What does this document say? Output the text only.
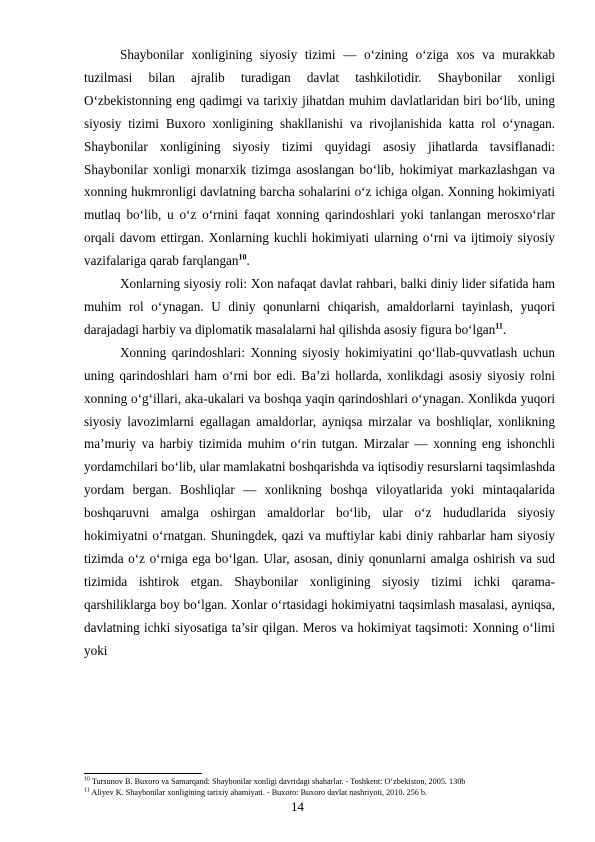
Shaybonilar xonligining siyosiy tizimi — o‘zining o‘ziga xos va murakkab tuzilmasi bilan ajralib turadigan davlat tashkilotidir. Shaybonilar xonligi O‘zbekistonning eng qadimgi va tarixiy jihatdan muhim davlatlaridan biri bo‘lib, uning siyosiy tizimi Buxoro xonligining shakllanishi va rivojlanishida katta rol o‘ynagan. Shaybonilar xonligining siyosiy tizimi quyidagi asosiy jihatlarda tavsiflanadi: Shaybonilar xonligi monarxik tizimga asoslangan bo‘lib, hokimiyat markazlashgan va xonning hukmronligi davlatning barcha sohalarini o‘z ichiga olgan. Xonning hokimiyati mutlaq bo‘lib, u o‘z o‘rnini faqat xonning qarindoshlari yoki tanlangan merosxo‘rlar orqali davom ettirgan. Xonlarning kuchli hokimiyati ularning o‘rni va ijtimoiy siyosiy vazifalariga qarab farqlangan$^{10}$.

Xonlarning siyosiy roli: Xon nafaqat davlat rahbari, balki diniy lider sifatida ham muhim rol o‘ynagan. U diniy qonunlarni chiqarish, amaldorlarni tayinlash, yuqori darajadagi harbiy va diplomatik masalalarni hal qilishda asosiy figura bo‘lgan$^{11}$.

Xonning qarindoshlari: Xonning siyosiy hokimiyatini qo‘llab-quvvatlash uchun uning qarindoshlari ham o‘rni bor edi. Ba’zi hollarda, xonlikdagi asosiy siyosiy rolni xonning o‘g‘illari, aka-ukalari va boshqa yaqin qarindoshlari o‘ynagan. Xonlikda yuqori siyosiy lavozimlarni egallagan amaldorlar, ayniqsa mirzalar va boshliqlar, xonlikning ma’muriy va harbiy tizimida muhim o‘rin tutgan. Mirzalar — xonning eng ishonchli yordamchilari bo‘lib, ular mamlakatni boshqarishda va iqtisodiy resurslarni taqsimlashda yordam bergan. Boshliqlar — xonlikning boshqa viloyatlarida yoki mintaqalarida boshqaruvni amalga oshirgan amaldorlar bo‘lib, ular o‘z hududlarida siyosiy hokimiyatni o‘rnatgan. Shuningdek, qazi va muftiylar kabi diniy rahbarlar ham siyosiy tizimda o‘z o‘rniga ega bo‘lgan. Ular, asosan, diniy qonunlarni amalga oshirish va sud tizimida ishtirok etgan. Shaybonilar xonligining siyosiy tizimi ichki qarama-qarshiliklarga boy bo‘lgan. Xonlar o‘rtasidagi hokimiyatni taqsimlash masalasi, ayniqsa, davlatning ichki siyosatiga ta’sir qilgan. Meros va hokimiyat taqsimoti: Xonning o‘limi yoki

$^{10}$ Tursunov B. Buxoro va Samarqand: Shaybonilar xonligi davridagi shaharlar. - Toshkent: O‘zbekiston, 2005. 130b
$^{11}$ Aliyev K. Shaybonilar xonligining tarixiy ahamiyati. - Buxoro: Buxoro davlat nashriyoti, 2010. 256 b.
14
